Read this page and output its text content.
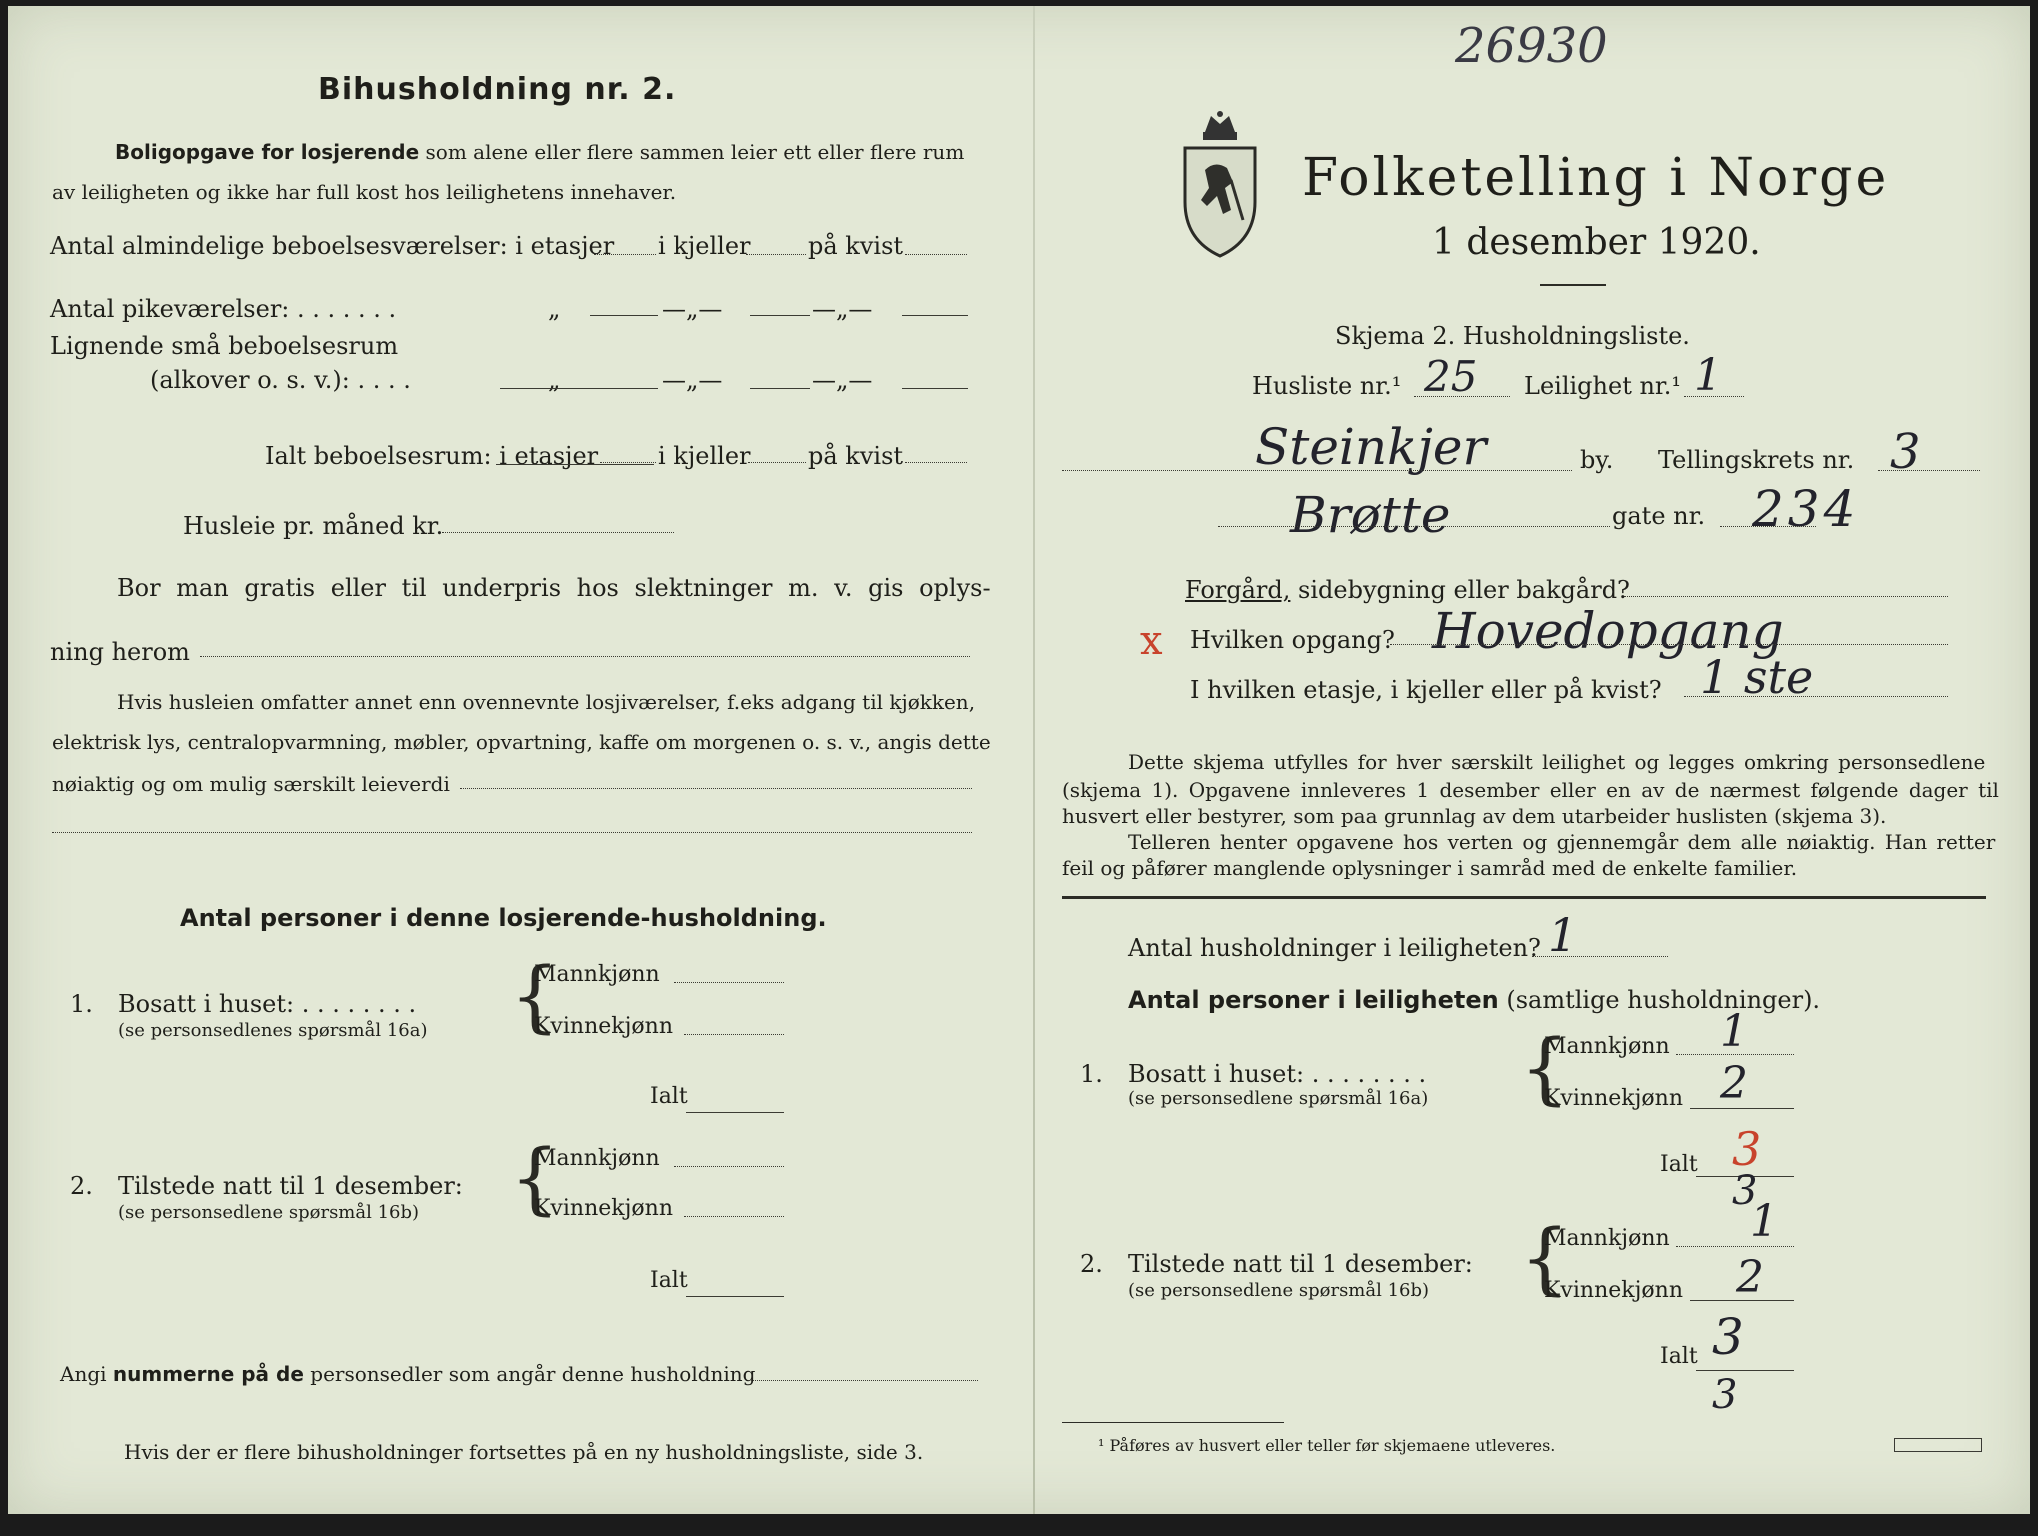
Bihusholdning nr. 2.
Boligopgave for losjerende som alene eller flere sammen leier ett eller flere rum
av leiligheten og ikke har full kost hos leilighetens innehaver.
Antal almindelige beboelsesværelser: i etasjer i kjeller på kvist
Antal pikeværelser: . . . . . . .	„	—„—	—„—
Lignende små beboelsesrum
(alkover o. s. v.): . . . .	„	—„—	—„—
Ialt beboelsesrum: i etasjer i kjeller på kvist
Husleie pr. måned kr.
Bor man gratis eller til underpris hos slektninger m. v. gis oplys-
ning herom
Hvis husleien omfatter annet enn ovennevnte losjiværelser, f.eks adgang til kjøkken,
elektrisk lys, centralopvarmning, møbler, opvartning, kaffe om morgenen o. s. v., angis dette
nøiaktig og om mulig særskilt leieverdi
Antal personer i denne losjerende-husholdning.
1. Bosatt i huset: . . . . . . . .
(se personsedlenes spørsmål 16a) {
Mannkjønn
Kvinnekjønn
Ialt
2. Tilstede natt til 1 desember:
(se personsedlene spørsmål 16b) {
Mannkjønn
Kvinnekjønn
Ialt
Angi nummerne på de personsedler som angår denne husholdning
Hvis der er flere bihusholdninger fortsettes på en ny husholdningsliste, side 3.
26930
Folketelling i Norge
1 desember 1920.
Skjema 2. Husholdningsliste.
Husliste nr.¹ 25 Leilighet nr.¹ 1
Steinkjer	by. Tellingskrets nr. 3
Brøtte	gate nr. 234
Forgård, sidebygning eller bakgård?
x Hvilken opgang? Hovedopgang
I hvilken etasje, i kjeller eller på kvist? 1 ste
Dette skjema utfylles for hver særskilt leilighet og legges omkring personsedlene
(skjema 1). Opgavene innleveres 1 desember eller en av de nærmest følgende dager til
husvert eller bestyrer, som paa grunnlag av dem utarbeider huslisten (skjema 3).
Telleren henter opgavene hos verten og gjennemgår dem alle nøiaktig. Han retter
feil og påfører manglende oplysninger i samråd med de enkelte familier.
Antal husholdninger i leiligheten? 1
Antal personer i leiligheten (samtlige husholdninger).
1. Bosatt i huset: . . . . . . . .
(se personsedlene spørsmål 16a) {
Mannkjønn 1
Kvinnekjønn 2
Ialt 3
3
2. Tilstede natt til 1 desember:
(se personsedlene spørsmål 16b) {
Mannkjønn 1
Kvinnekjønn 2
Ialt 3
3
¹ Påføres av husvert eller teller før skjemaene utleveres.
